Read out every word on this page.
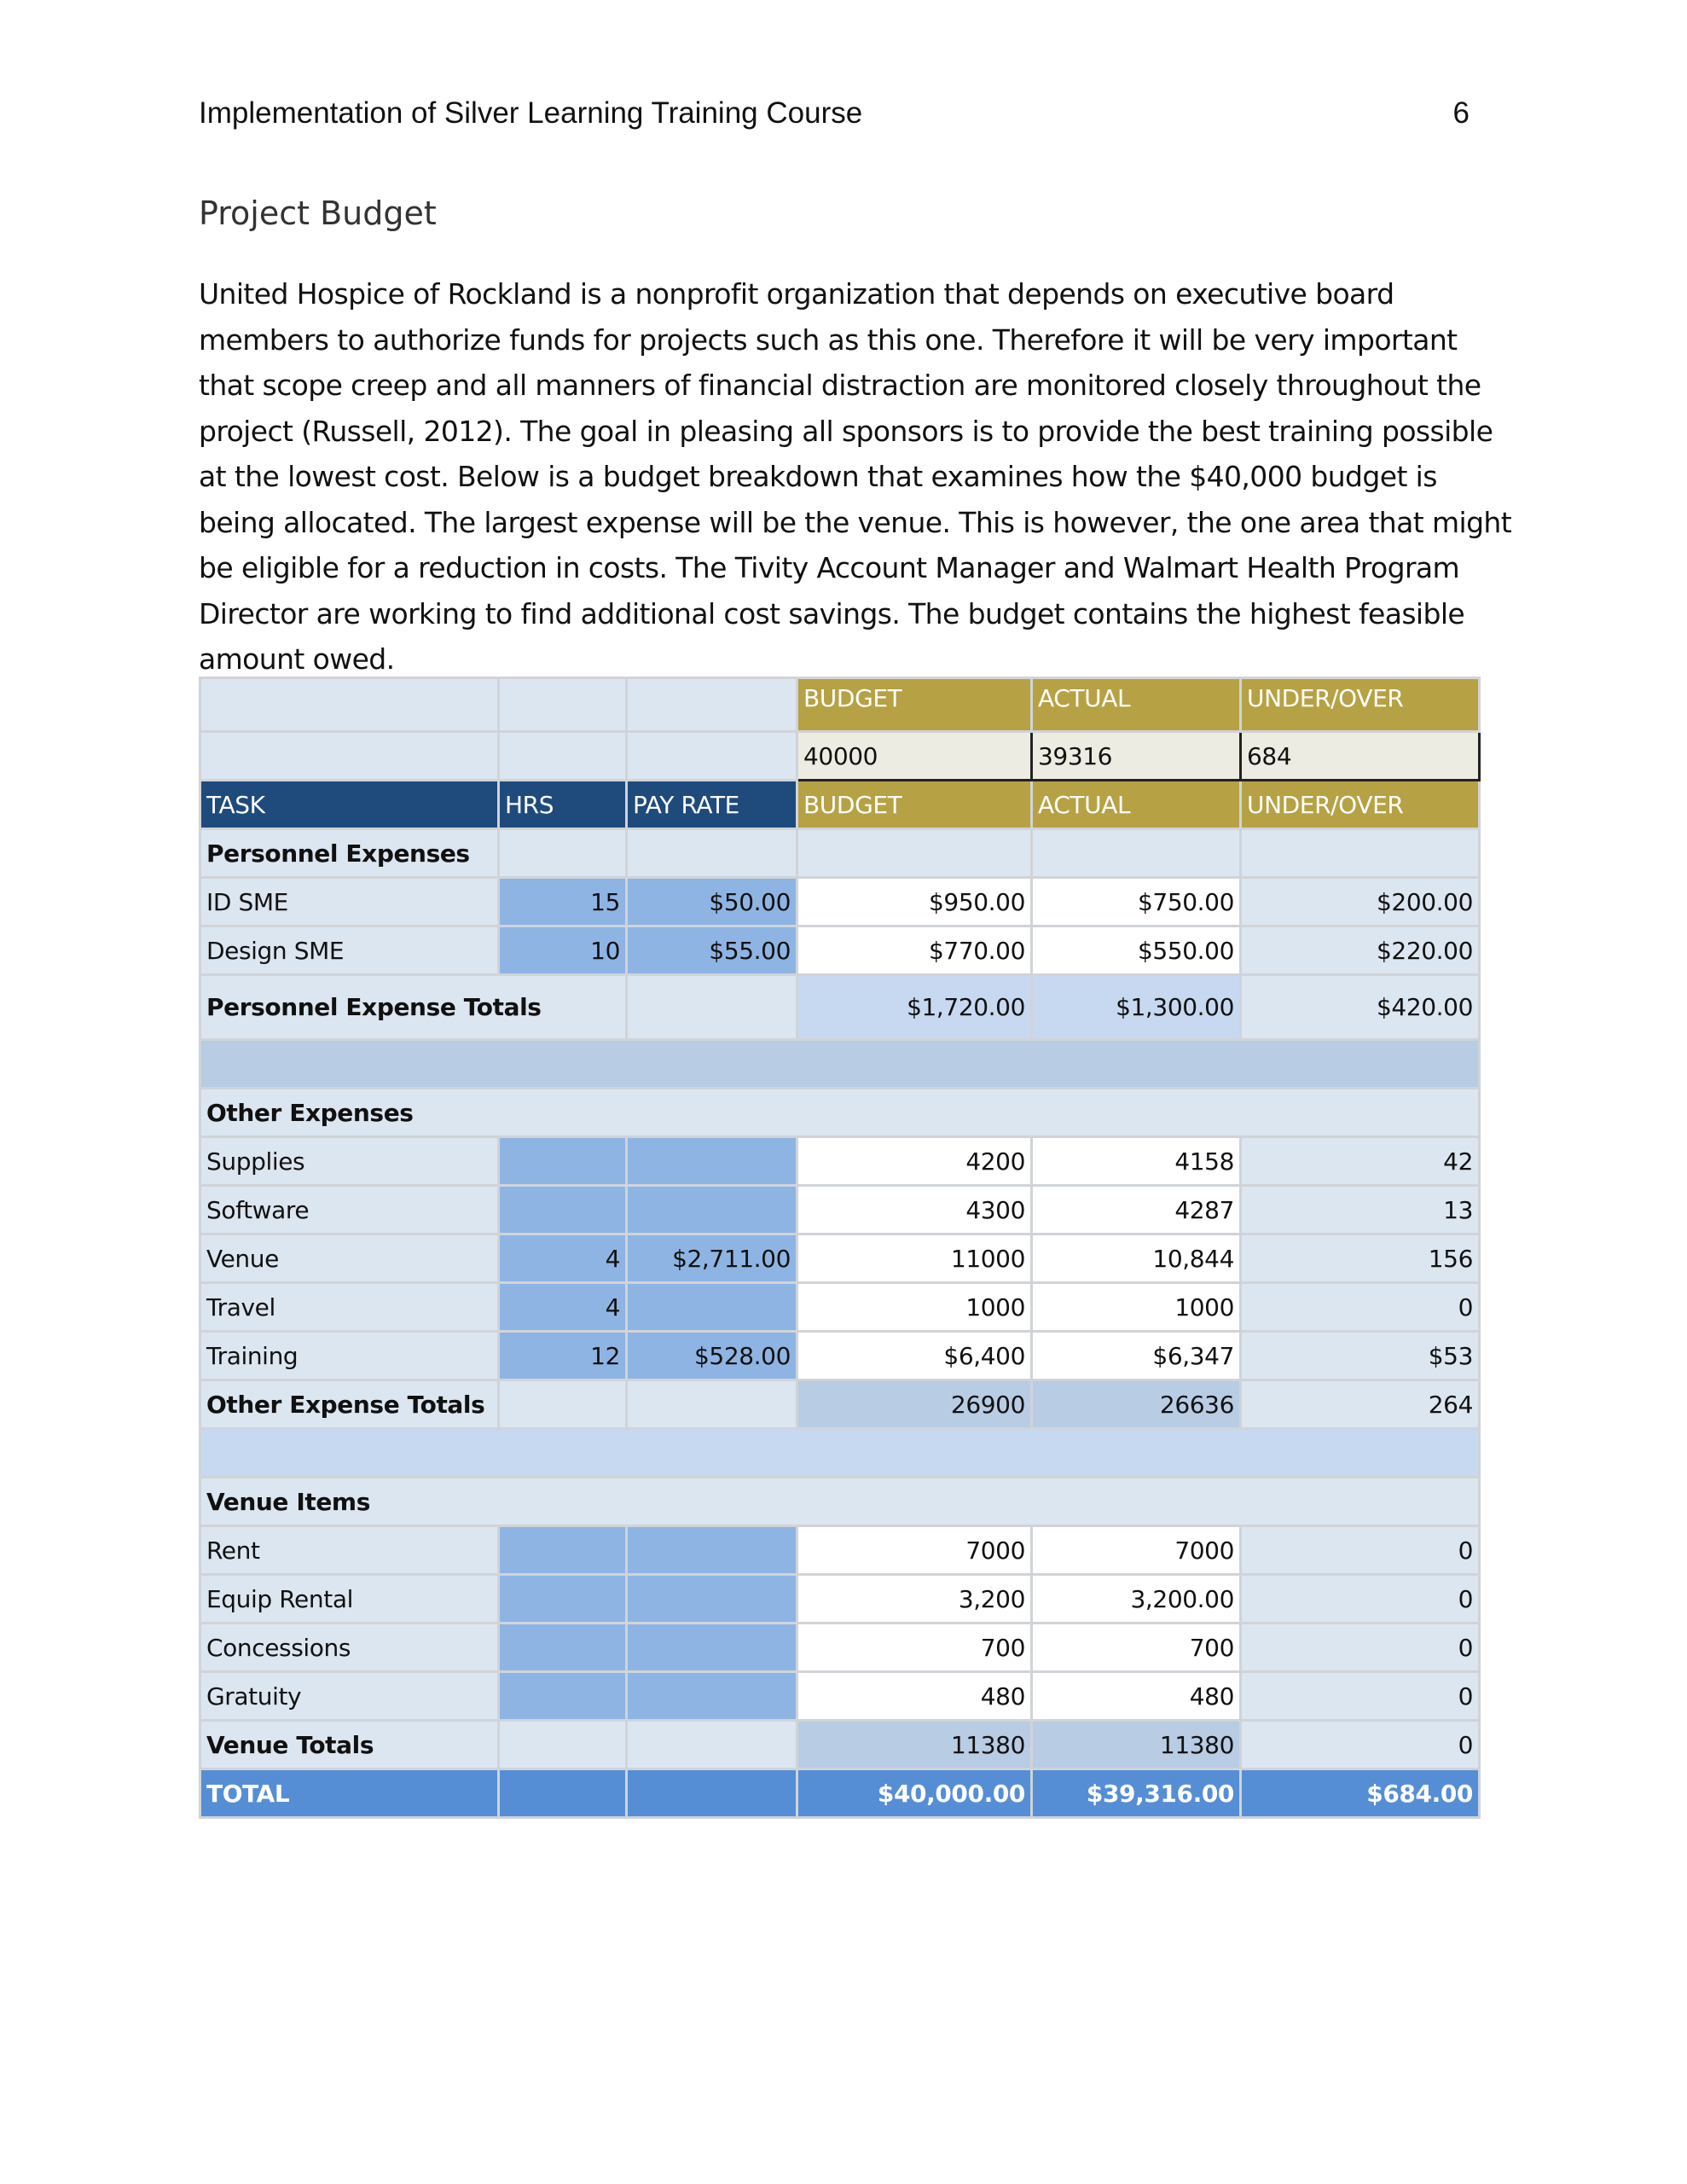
Implementation of Silver Learning Training Course	6
Project Budget
United Hospice of Rockland is a nonprofit organization that depends on executive board
members to authorize funds for projects such as this one. Therefore it will be very important
that scope creep and all manners of financial distraction are monitored closely throughout the
project (Russell, 2012). The goal in pleasing all sponsors is to provide the best training possible
at the lowest cost. Below is a budget breakdown that examines how the $40,000 budget is
being allocated. The largest expense will be the venue. This is however, the one area that might
be eligible for a reduction in costs. The Tivity Account Manager and Walmart Health Program
Director are working to find additional cost savings. The budget contains the highest feasible
amount owed.
			BUDGET	ACTUAL	UNDER/OVER
			40000	39316	684
TASK	HRS	PAY RATE	BUDGET	ACTUAL	UNDER/OVER
Personnel Expenses					
ID SME	15	$50.00	$950.00	$750.00	$200.00
Design SME	10	$55.00	$770.00	$550.00	$220.00
Personnel Expense Totals			$1,720.00	$1,300.00	$420.00

Other Expenses					
Supplies			4200	4158	42
Software			4300	4287	13
Venue	4	$2,711.00	11000	10,844	156
Travel	4		1000	1000	0
Training	12	$528.00	$6,400	$6,347	$53
Other Expense Totals			26900	26636	264

Venue Items					
Rent			7000	7000	0
Equip Rental			3,200	3,200.00	0
Concessions			700	700	0
Gratuity			480	480	0
Venue Totals			11380	11380	0
TOTAL			$40,000.00	$39,316.00	$684.00
